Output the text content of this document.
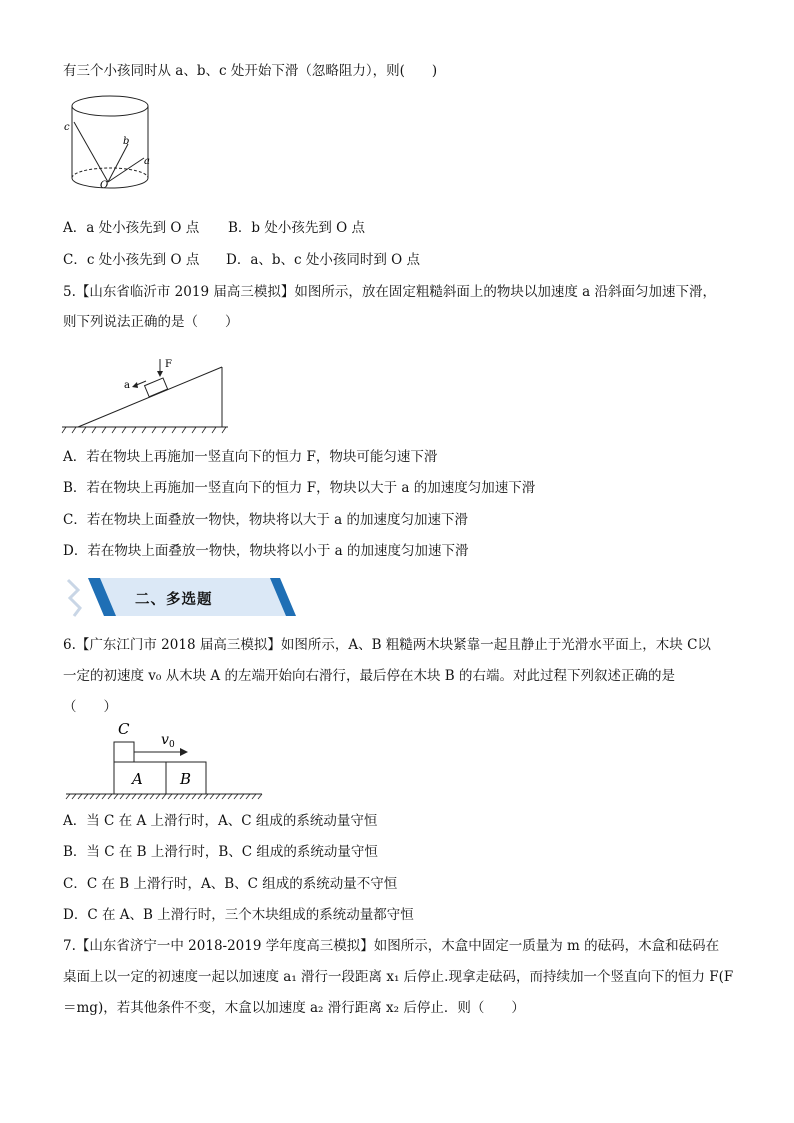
有三个小孩同时从 a、b、c 处开始下滑（忽略阻力），则(　　)
c
b
a
O
A．a 处小孩先到 O 点 B．b 处小孩先到 O 点
C．c 处小孩先到 O 点 D．a、b、c 处小孩同时到 O 点
5.【山东省临沂市 2019 届高三模拟】如图所示，放在固定粗糙斜面上的物块以加速度 a 沿斜面匀加速下滑，
则下列说法正确的是（　　）
F
a
A．若在物块上再施加一竖直向下的恒力 F，物块可能匀速下滑
B．若在物块上再施加一竖直向下的恒力 F，物块以大于 a 的加速度匀加速下滑
C．若在物块上面叠放一物快，物块将以大于 a 的加速度匀加速下滑
D．若在物块上面叠放一物快，物块将以小于 a 的加速度匀加速下滑
二、多选题
6.【广东江门市 2018 届高三模拟】如图所示，A、B 粗糙两木块紧靠一起且静止于光滑水平面上，木块 C以
一定的初速度 v₀ 从木块 A 的左端开始向右滑行，最后停在木块 B 的右端。对此过程下列叙述正确的是
（　　）
C
v 0
A B
A．当 C 在 A 上滑行时，A、C 组成的系统动量守恒
B．当 C 在 B 上滑行时，B、C 组成的系统动量守恒
C．C 在 B 上滑行时，A、B、C 组成的系统动量不守恒
D．C 在 A、B 上滑行时，三个木块组成的系统动量都守恒
7.【山东省济宁一中 2018-2019 学年度高三模拟】如图所示，木盒中固定一质量为 m 的砝码，木盒和砝码在
桌面上以一定的初速度一起以加速度 a₁ 滑行一段距离 x₁ 后停止.现拿走砝码，而持续加一个竖直向下的恒力 F(F
＝mg)，若其他条件不变，木盒以加速度 a₂ 滑行距离 x₂ 后停止．则（　　）
